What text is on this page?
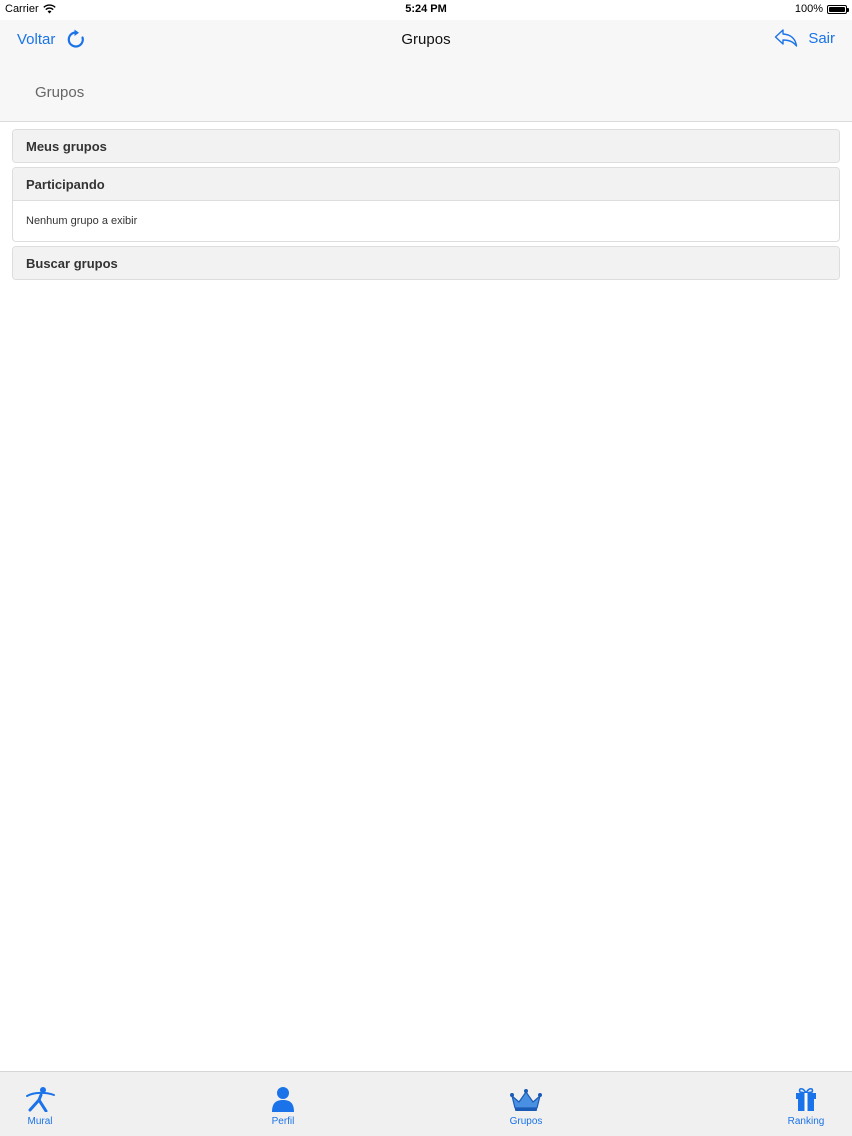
Carrier	5:24 PM	100%
Voltar	Grupos	Sair
Grupos
Meus grupos
Participando
Nenhum grupo a exibir
Buscar grupos
Mural	Perfil	Grupos	Ranking
